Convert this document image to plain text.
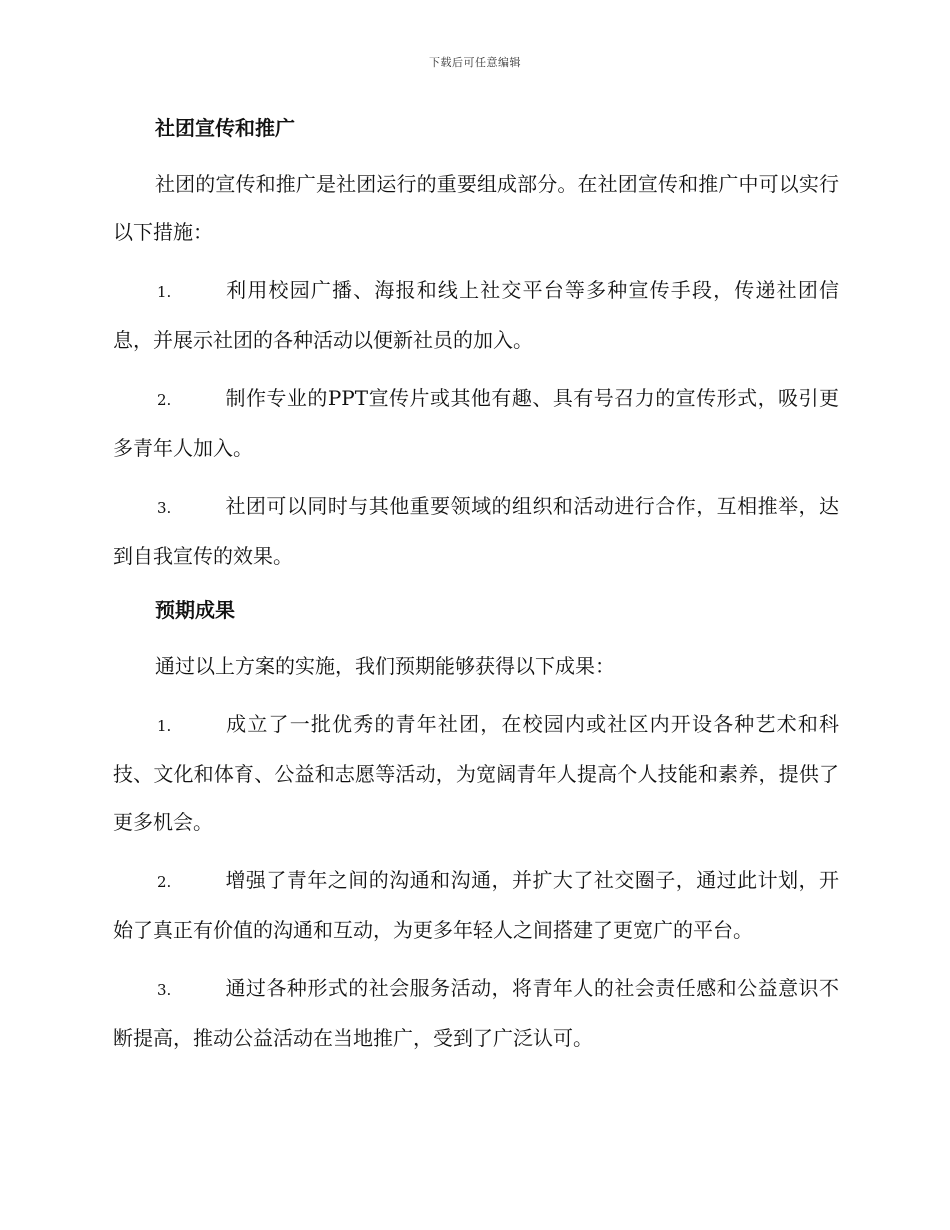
下载后可任意编辑
社团宣传和推广

社团的宣传和推广是社团运行的重要组成部分。在社团宣传和推广中可以实行以下措施：

1.	利用校园广播、海报和线上社交平台等多种宣传手段，传递社团信息，并展示社团的各种活动以便新社员的加入。

2.	制作专业的PPT宣传片或其他有趣、具有号召力的宣传形式，吸引更多青年人加入。

3.	社团可以同时与其他重要领域的组织和活动进行合作，互相推举，达到自我宣传的效果。

预期成果

通过以上方案的实施，我们预期能够获得以下成果：

1.	成立了一批优秀的青年社团，在校园内或社区内开设各种艺术和科技、文化和体育、公益和志愿等活动，为宽阔青年人提高个人技能和素养，提供了更多机会。

2.	增强了青年之间的沟通和沟通，并扩大了社交圈子，通过此计划，开始了真正有价值的沟通和互动，为更多年轻人之间搭建了更宽广的平台。

3.	通过各种形式的社会服务活动，将青年人的社会责任感和公益意识不断提高，推动公益活动在当地推广，受到了广泛认可。
